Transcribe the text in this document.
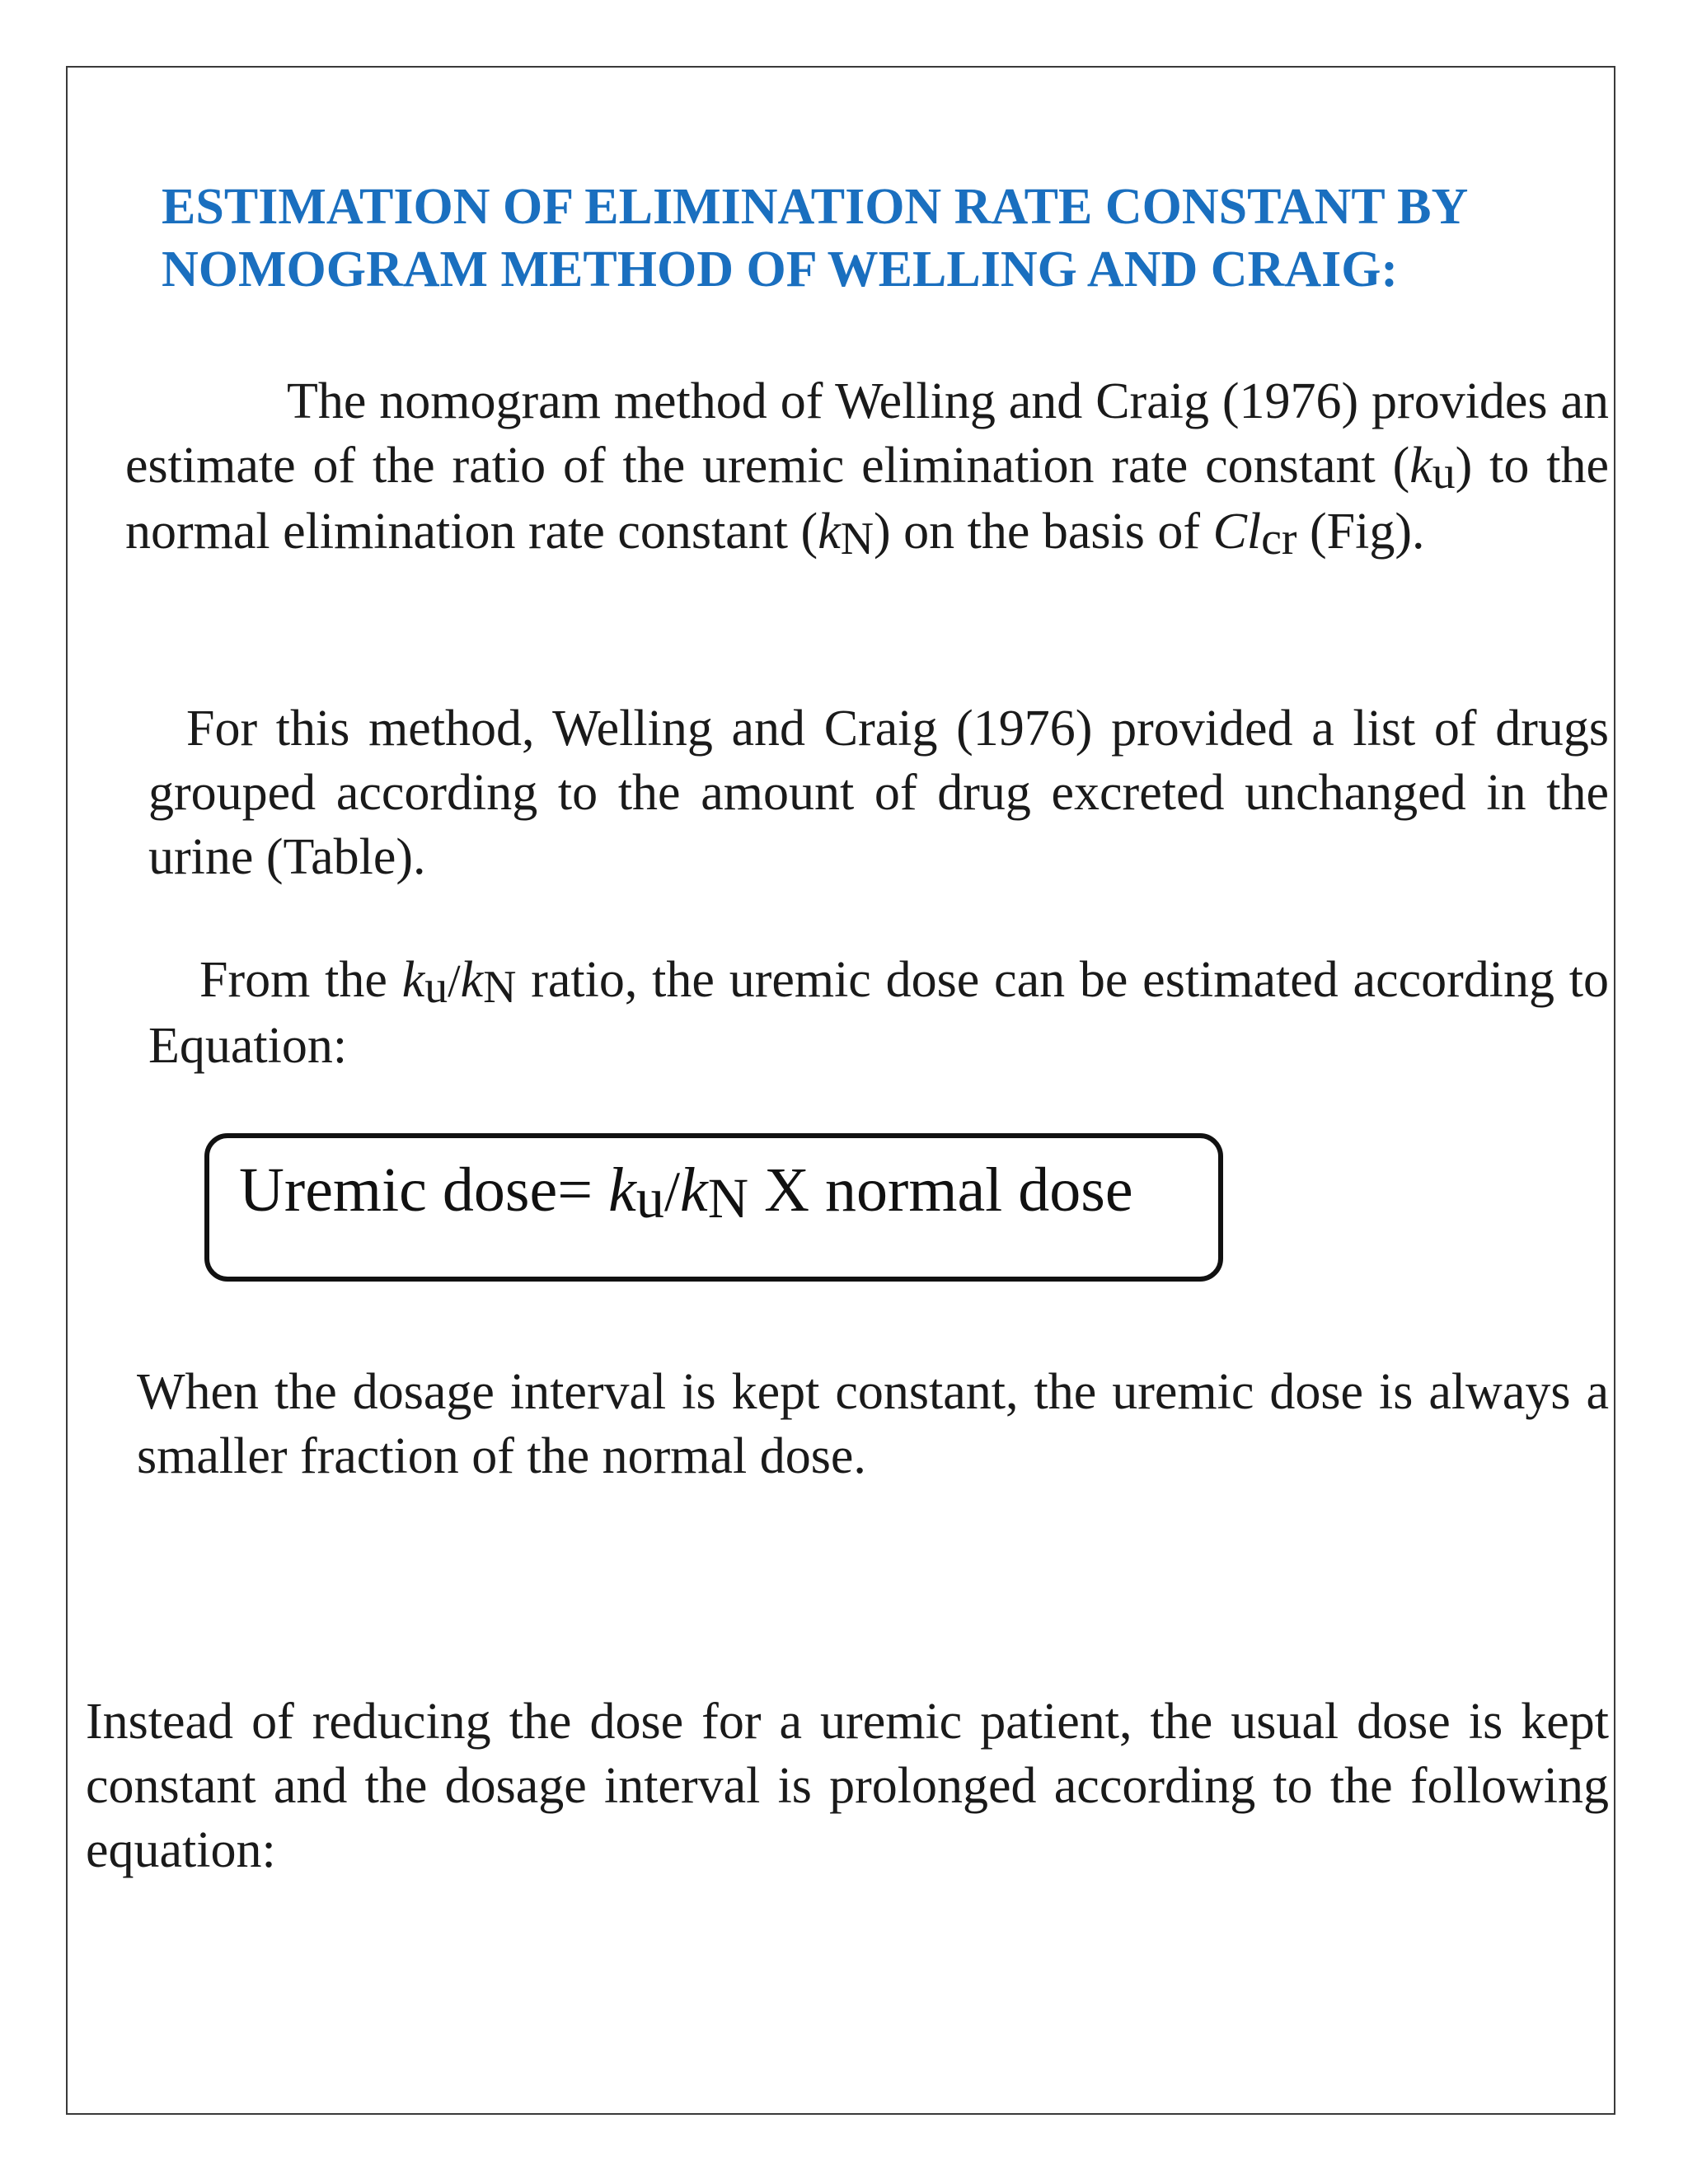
ESTIMATION OF ELIMINATION RATE CONSTANT BY
NOMOGRAM METHOD OF WELLING AND CRAIG:

The nomogram method of Welling and Craig (1976) provides an estimate of the ratio of the uremic elimination rate constant (ku) to the normal elimination rate constant (kN) on the basis of Clcr (Fig).

For this method, Welling and Craig (1976) provided a list of drugs grouped according to the amount of drug excreted unchanged in the urine (Table).

From the ku/kN ratio, the uremic dose can be estimated according to Equation:

Uremic dose= ku/kN X normal dose

When the dosage interval is kept constant, the uremic dose is always a smaller fraction of the normal dose.

Instead of reducing the dose for a uremic patient, the usual dose is kept constant and the dosage interval is prolonged according to the following equation:
